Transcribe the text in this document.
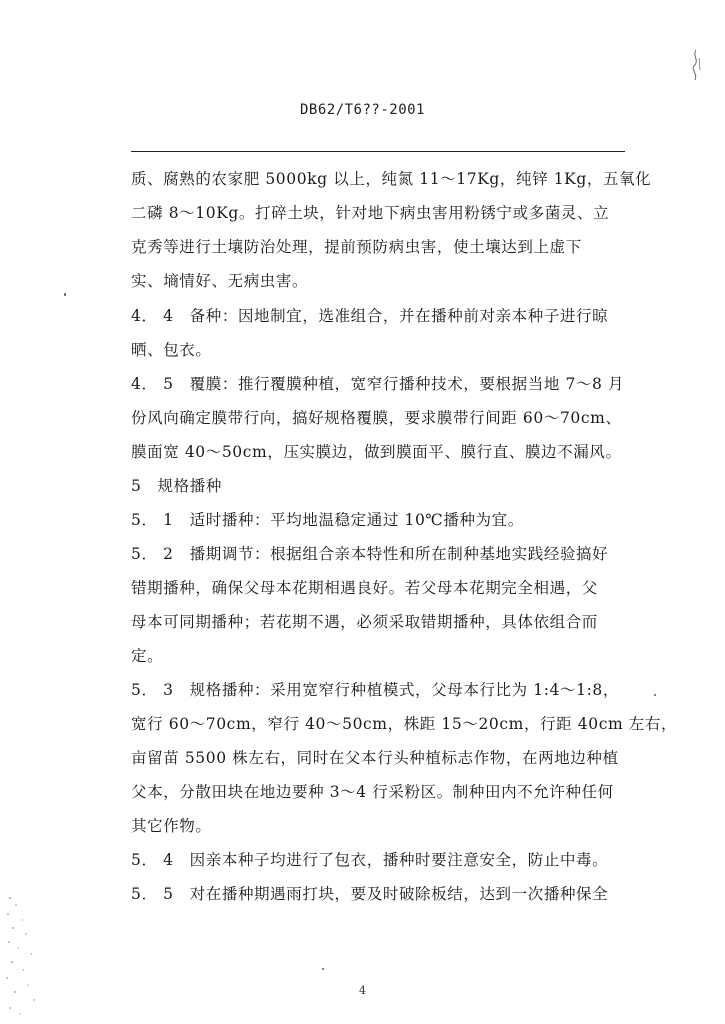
DB62/T6??-2001
质、腐熟的农家肥 5000kg 以上，纯氮 11～17Kg，纯锌 1Kg，五氧化
二磷 8～10Kg。打碎土块，针对地下病虫害用粉锈宁或多菌灵、立
克秀等进行土壤防治处理，提前预防病虫害，使土壤达到上虚下
实、墒情好、无病虫害。
4． 4　备种：因地制宜，选准组合，并在播种前对亲本种子进行晾
晒、包衣。
4． 5　覆膜：推行覆膜种植，宽窄行播种技术，要根据当地 7～8 月
份风向确定膜带行向，搞好规格覆膜，要求膜带行间距 60～70cm、
膜面宽 40～50cm，压实膜边，做到膜面平、膜行直、膜边不漏风。
5　规格播种
5． 1　适时播种：平均地温稳定通过 10℃播种为宜。
5． 2　播期调节：根据组合亲本特性和所在制种基地实践经验搞好
错期播种，确保父母本花期相遇良好。若父母本花期完全相遇，父
母本可同期播种；若花期不遇，必须采取错期播种，具体依组合而
定。
5． 3　规格播种：采用宽窄行种植模式，父母本行比为 1:4～1:8，
宽行 60～70cm，窄行 40～50cm，株距 15～20cm，行距 40cm 左右，
亩留苗 5500 株左右，同时在父本行头种植标志作物，在两地边种植
父本，分散田块在地边要种 3～4 行采粉区。制种田内不允许种任何
其它作物。
5． 4　因亲本种子均进行了包衣，播种时要注意安全，防止中毒。
5． 5　对在播种期遇雨打块，要及时破除板结，达到一次播种保全
4
